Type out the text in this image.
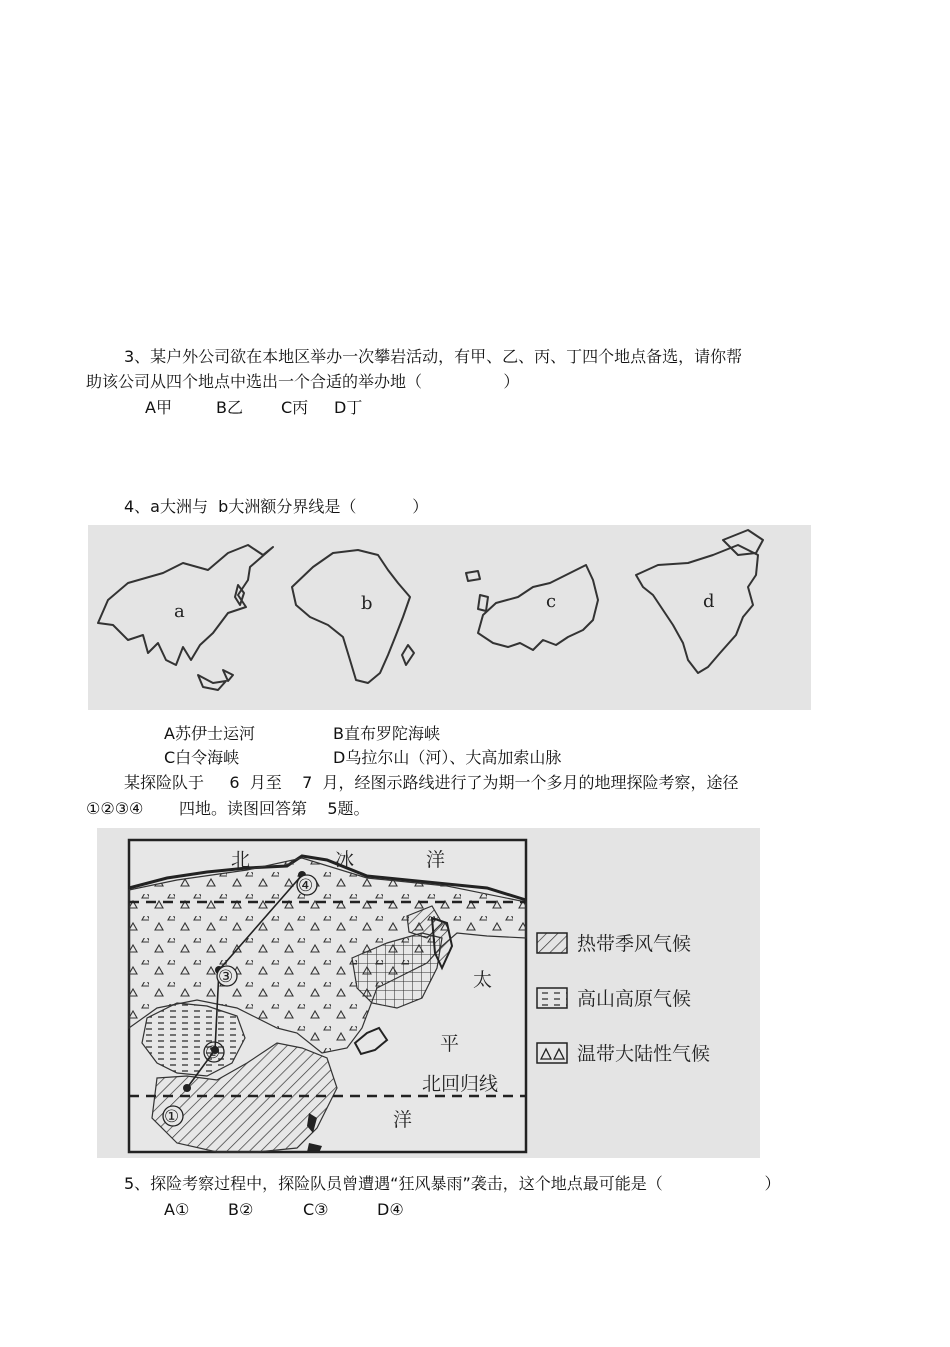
3、某户外公司欲在本地区举办一次攀岩活动，有甲、乙、丙、丁四个地点备选，请你帮
助该公司从四个地点中选出一个合适的举办地（                ）
A甲	B乙 C丙 D丁
4、a大洲与  b大洲额分界线是（           ）
a	b	c	d
A苏伊士运河	B直布罗陀海峡
C白令海峡	D乌拉尔山（河）、大高加索山脉
某探险队于     6  月至    7  月，经图示路线进行了为期一个多月的地理探险考察，途径
①②③④       四地。读图回答第    5题。
①
②
③
④
北	冰	洋
太
平
洋
北回归线
热带季风气候
高山高原气候
温带大陆性气候
5、探险考察过程中，探险队员曾遭遇“狂风暴雨”袭击，这个地点最可能是（                    ）
A① B②	C③	D④
